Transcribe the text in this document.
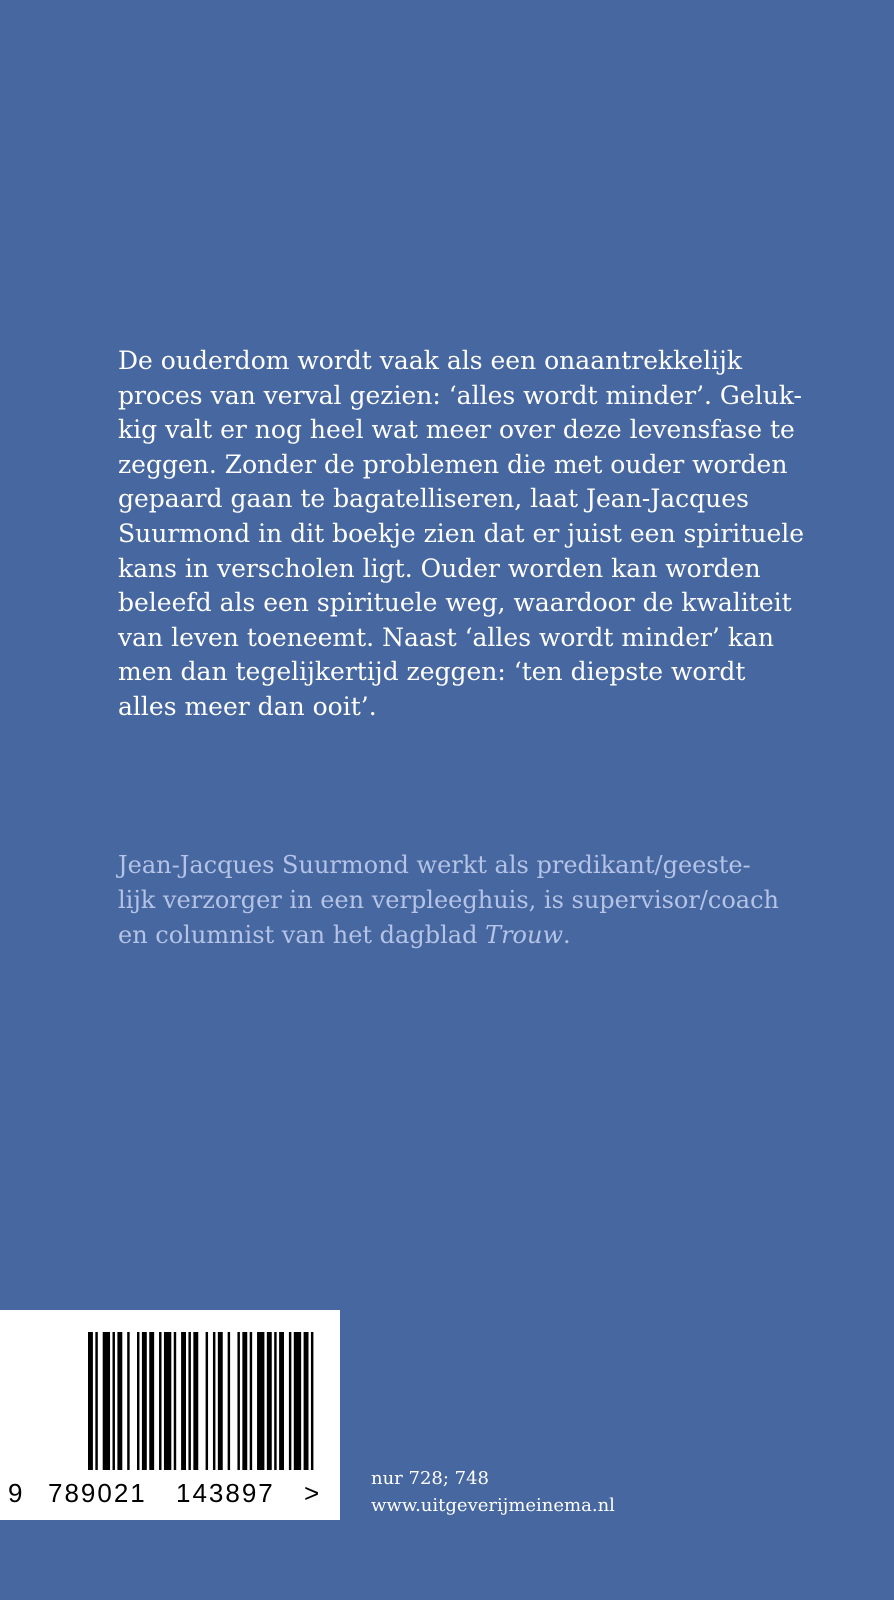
De ouderdom wordt vaak als een onaantrekkelijk
proces van verval gezien: ‘alles wordt minder’. Geluk-
kig valt er nog heel wat meer over deze levensfase te
zeggen. Zonder de problemen die met ouder worden
gepaard gaan te bagatelliseren, laat Jean-Jacques
Suurmond in dit boekje zien dat er juist een spirituele
kans in verscholen ligt. Ouder worden kan worden
beleefd als een spirituele weg, waardoor de kwaliteit
van leven toeneemt. Naast ‘alles wordt minder’ kan
men dan tegelijkertijd zeggen: ‘ten diepste wordt
alles meer dan ooit’.
Jean-Jacques Suurmond werkt als predikant/geeste-
lijk verzorger in een verpleeghuis, is supervisor/coach
en columnist van het dagblad Trouw.
9 789021 143897 >	nur 728; 748
www.uitgeverijmeinema.nl
